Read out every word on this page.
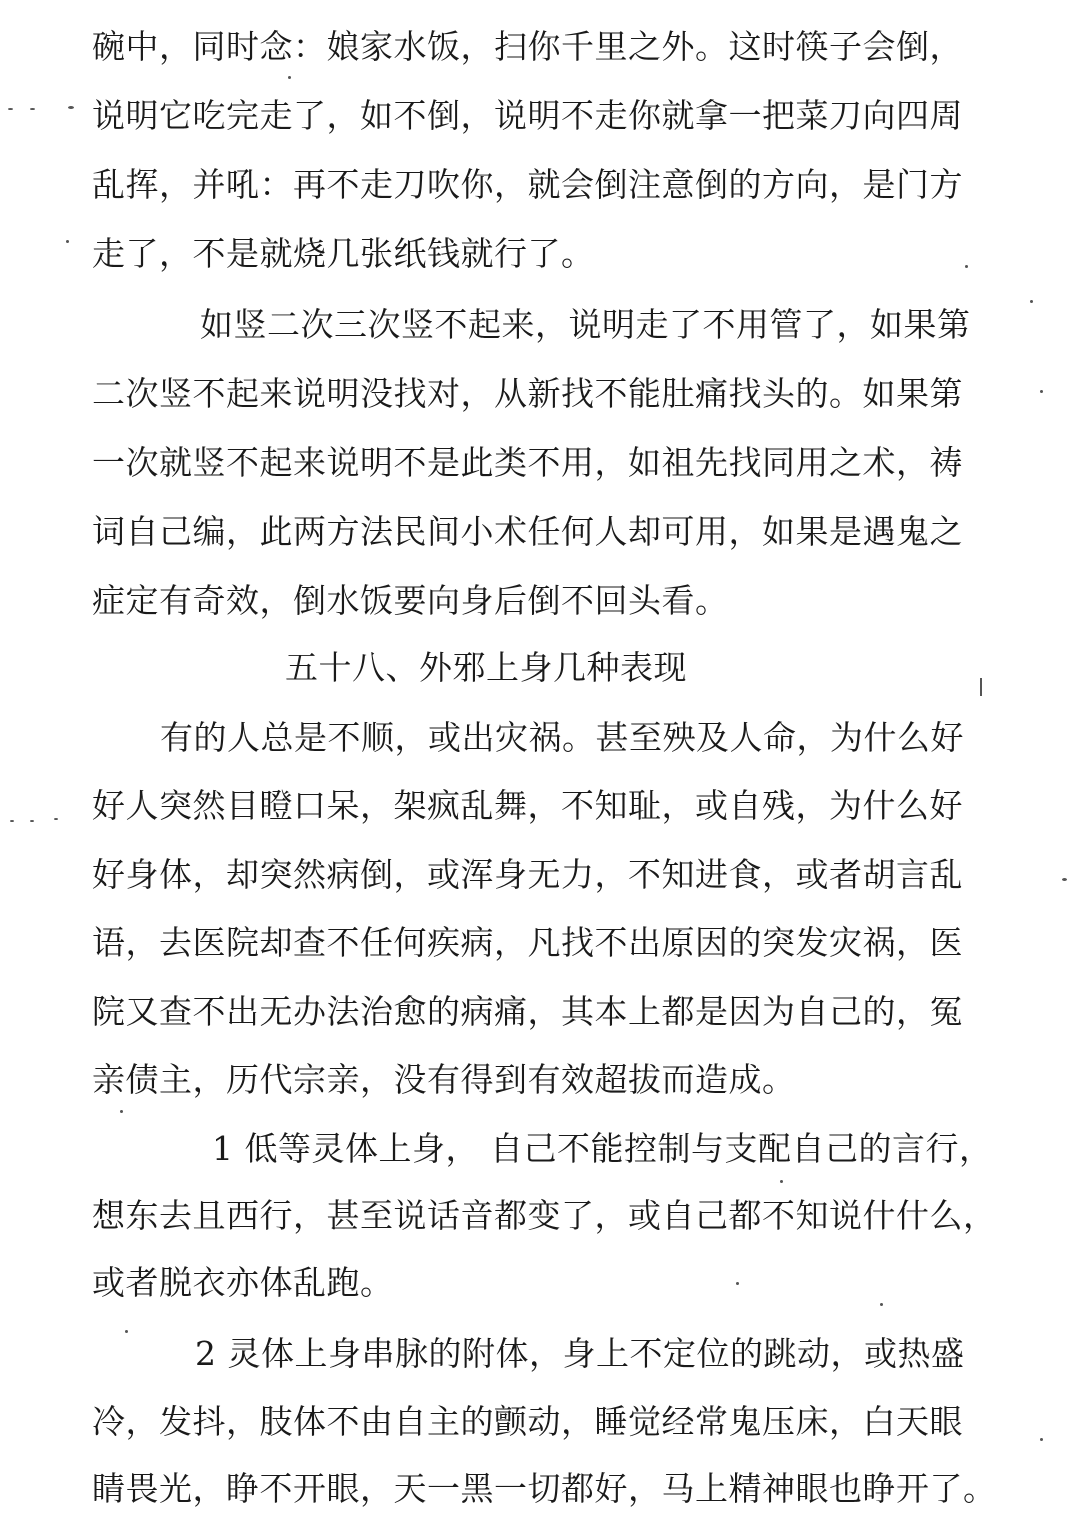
碗中，同时念：娘家水饭，扫你千里之外。这时筷子会倒，
说明它吃完走了，如不倒，说明不走你就拿一把菜刀向四周
乱挥，并吼：再不走刀吹你，就会倒注意倒的方向，是门方
走了，不是就烧几张纸钱就行了。
如竖二次三次竖不起来，说明走了不用管了，如果第
二次竖不起来说明没找对，从新找不能肚痛找头的。如果第
一次就竖不起来说明不是此类不用，如祖先找同用之术，祷
词自己编，此两方法民间小术任何人却可用，如果是遇鬼之
症定有奇效，倒水饭要向身后倒不回头看。
五十八、外邪上身几种表现
有的人总是不顺，或出灾祸。甚至殃及人命，为什么好
好人突然目瞪口呆，架疯乱舞，不知耻，或自残，为什么好
好身体，却突然病倒，或浑身无力，不知进食，或者胡言乱
语，去医院却查不任何疾病，凡找不出原因的突发灾祸，医
院又查不出无办法治愈的病痛，其本上都是因为自己的，冤
亲债主，历代宗亲，没有得到有效超拔而造成。
1 低等灵体上身， 自己不能控制与支配自己的言行，
想东去且西行，甚至说话音都变了，或自己都不知说什什么，
或者脱衣亦体乱跑。
2 灵体上身串脉的附体，身上不定位的跳动，或热盛
冷，发抖，肢体不由自主的颤动，睡觉经常鬼压床，白天眼
睛畏光，睁不开眼，天一黑一切都好，马上精神眼也睁开了。
